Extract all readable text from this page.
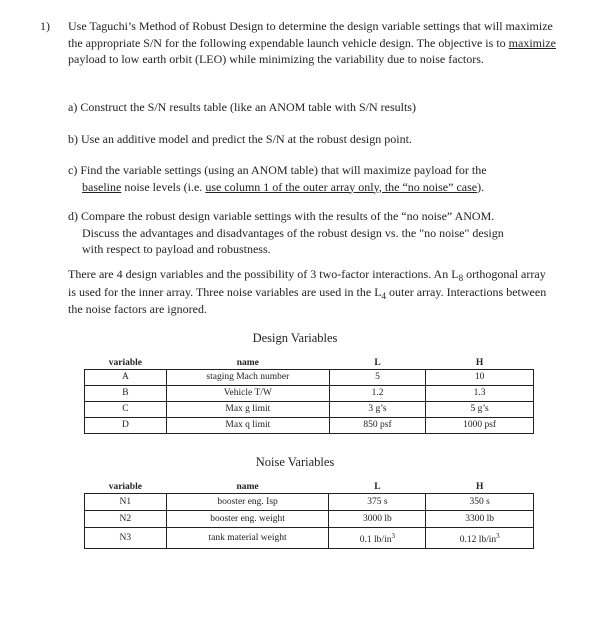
1) Use Taguchi’s Method of Robust Design to determine the design variable settings that will maximize the appropriate S/N for the following expendable launch vehicle design. The objective is to maximize payload to low earth orbit (LEO) while minimizing the variability due to noise factors.
a) Construct the S/N results table (like an ANOM table with S/N results)
b) Use an additive model and predict the S/N at the robust design point.
c) Find the variable settings (using an ANOM table) that will maximize payload for the
baseline noise levels (i.e. use column 1 of the outer array only, the “no noise” case).
d) Compare the robust design variable settings with the results of the “no noise” ANOM.
Discuss the advantages and disadvantages of the robust design vs. the "no noise" design
with respect to payload and robustness.
There are 4 design variables and the possibility of 3 two-factor interactions. An $L_8$ orthogonal array is used for the inner array. Three noise variables are used in the $L_4$ outer array. Interactions between the noise factors are ignored.
Design Variables
variable	name	L	H
A	staging Mach number	5	10
B	Vehicle T/W	1.2	1.3
C	Max g limit	3 g’s	5 g’s
D	Max q limit	850 psf	1000 psf
Noise Variables
variable	name	L	H
N1	booster eng. Isp	375 s	350 s
N2	booster eng. weight	3000 lb	3300 lb
N3	tank material weight	0.1 $lb/in^3$	0.12 $lb/in^3$
